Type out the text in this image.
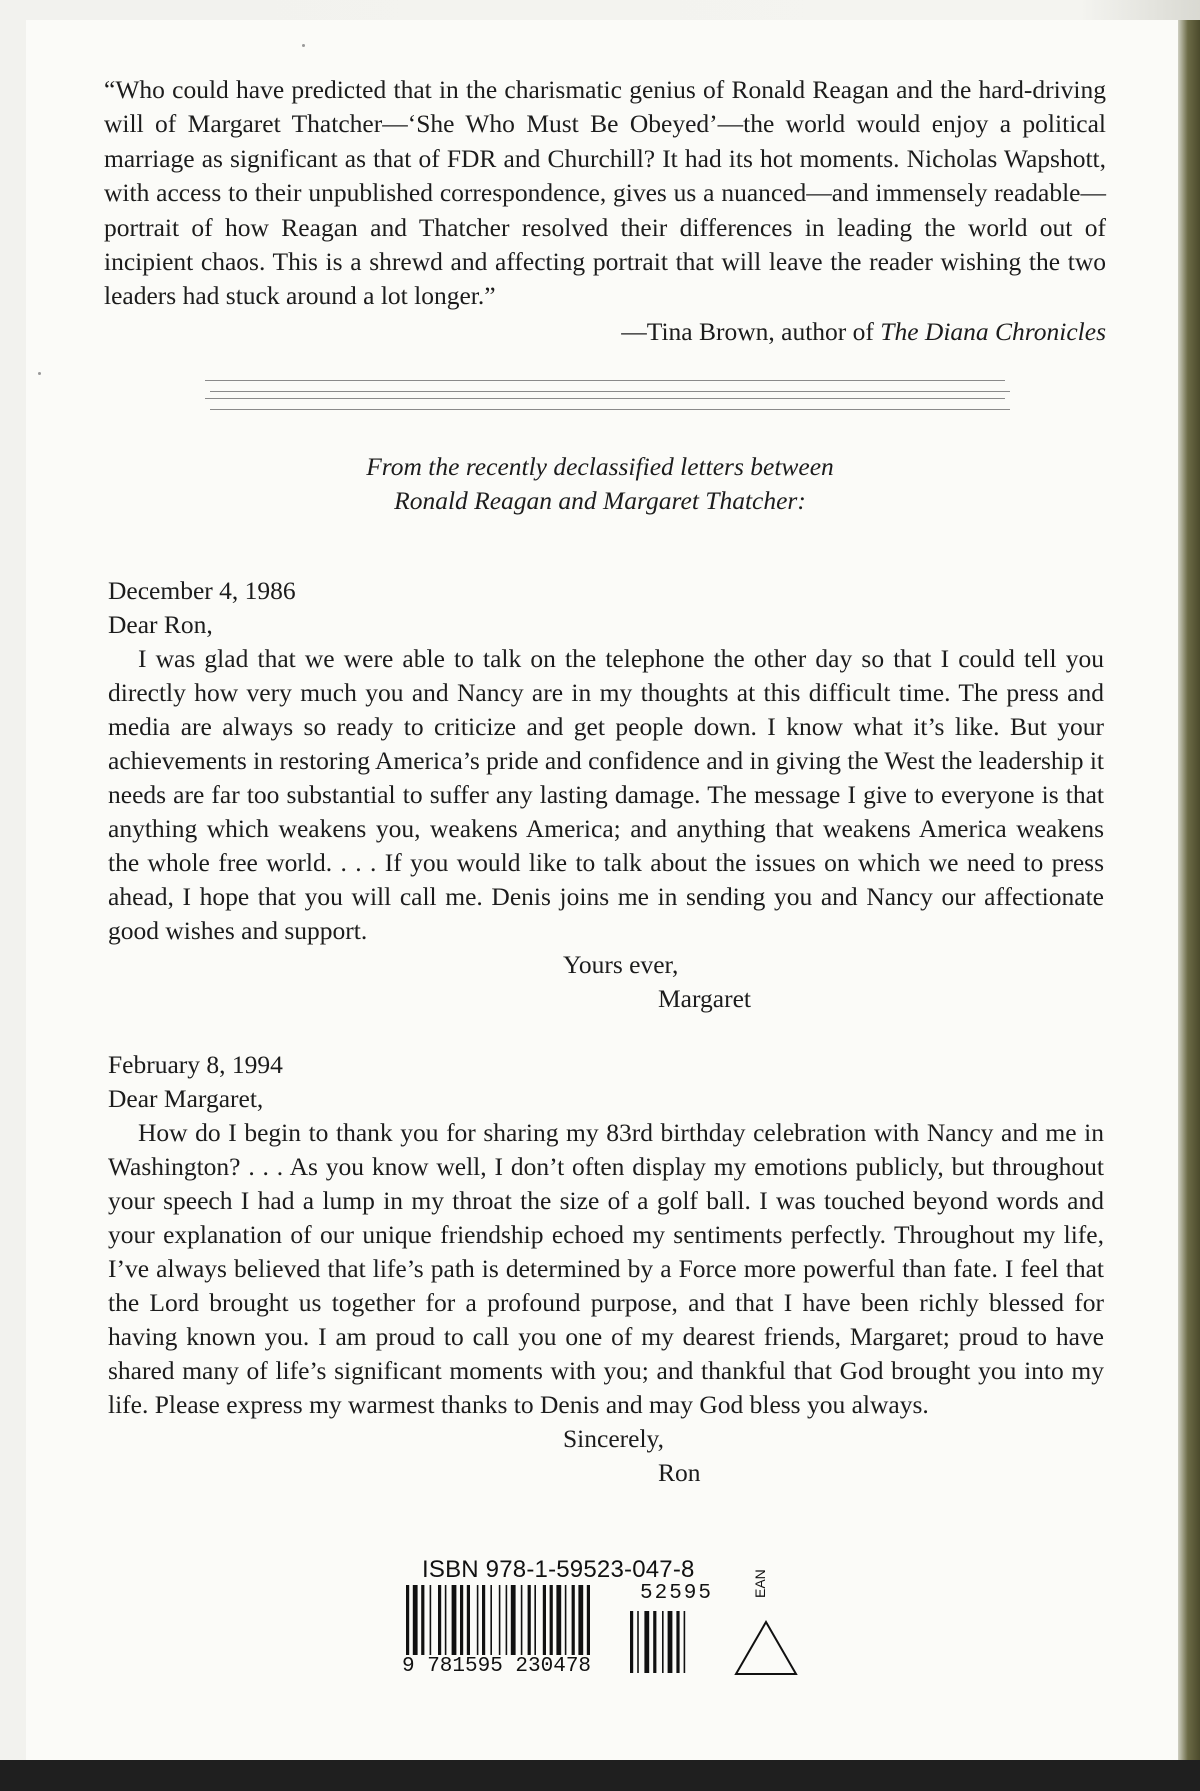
“Who could have predicted that in the charismatic genius of Ronald Reagan and the hard-driving will of Margaret Thatcher—‘She Who Must Be Obeyed’—the world would enjoy a political marriage as significant as that of FDR and Churchill? It had its hot moments. Nicholas Wapshott, with access to their unpublished correspondence, gives us a nuanced—and immensely readable—portrait of how Reagan and Thatcher resolved their differences in leading the world out of incipient chaos. This is a shrewd and affecting portrait that will leave the reader wishing the two leaders had stuck around a lot longer.”
—Tina Brown, author of The Diana Chronicles
From the recently declassified letters between
Ronald Reagan and Margaret Thatcher:

December 4, 1986

Dear Ron,

I was glad that we were able to talk on the telephone the other day so that I could tell you directly how very much you and Nancy are in my thoughts at this difficult time. The press and media are always so ready to criticize and get people down. I know what it’s like. But your achievements in restoring America’s pride and confidence and in giving the West the leadership it needs are far too substantial to suffer any lasting damage. The message I give to everyone is that anything which weakens you, weakens America; and anything that weakens America weakens the whole free world. . . . If you would like to talk about the issues on which we need to press ahead, I hope that you will call me. Denis joins me in sending you and Nancy our affectionate good wishes and support.

Yours ever,

Margaret

February 8, 1994

Dear Margaret,

How do I begin to thank you for sharing my 83rd birthday celebration with Nancy and me in Washington? . . . As you know well, I don’t often display my emotions publicly, but throughout your speech I had a lump in my throat the size of a golf ball. I was touched beyond words and your explanation of our unique friendship echoed my sentiments perfectly. Throughout my life, I’ve always believed that life’s path is determined by a Force more powerful than fate. I feel that the Lord brought us together for a profound purpose, and that I have been richly blessed for having known you. I am proud to call you one of my dearest friends, Margaret; proud to have shared many of life’s significant moments with you; and thankful that God brought you into my life. Please express my warmest thanks to Denis and may God bless you always.

Sincerely,

Ron

ISBN 978-1-59523-047-8
9 781595 230478
52595	EAN
